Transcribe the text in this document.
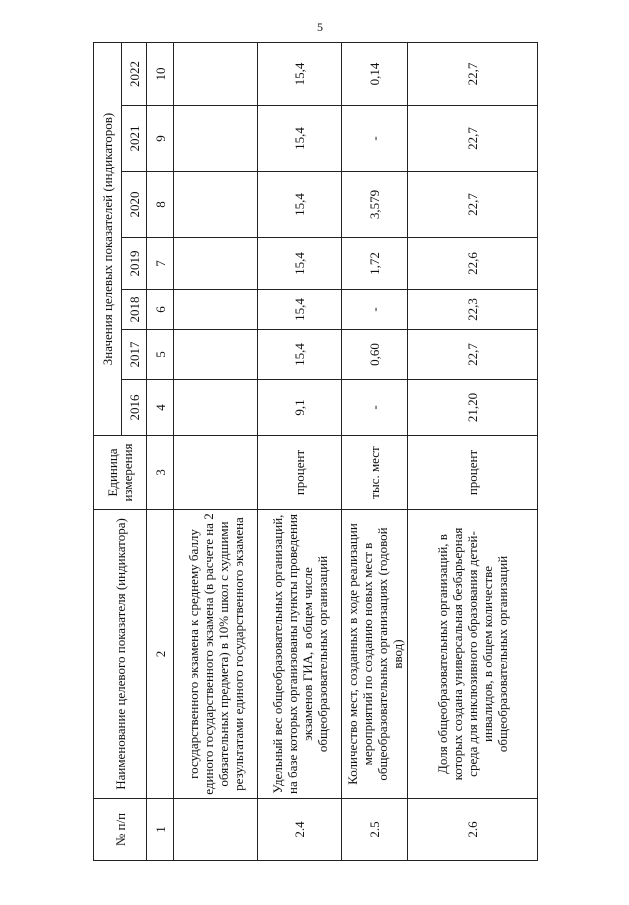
5
№ п/п	Наименование целевого показателя (индикатора)	Единица измерения	Значения целевых показателей (индикаторов)						
			2016	2017	2018	2019	2020	2021	2022
1	2	3	4	5	6	7	8	9	10
	государственного экзамена к среднему баллу единого государственного экзамена (в расчете на 2 обязательных предмета) в 10% школ с худшими результатами единого государственного экзамена								
2.4	Удельный вес общеобразовательных организаций, на базе которых организованы пункты проведения экзаменов ГИА, в общем числе общеобразовательных организаций	процент	9,1	15,4	15,4	15,4	15,4	15,4	15,4
2.5	Количество мест, созданных в ходе реализации мероприятий по созданию новых мест в общеобразовательных организациях (годовой ввод)	тыс. мест	-	0,60	-	1,72	3,579	-	0,14
2.6	Доля общеобразовательных организаций, в которых создана универсальная безбарьерная среда для инклюзивного образования детей-инвалидов, в общем количестве общеобразовательных организаций	процент	21,20	22,7	22,3	22,6	22,7	22,7	22,7
